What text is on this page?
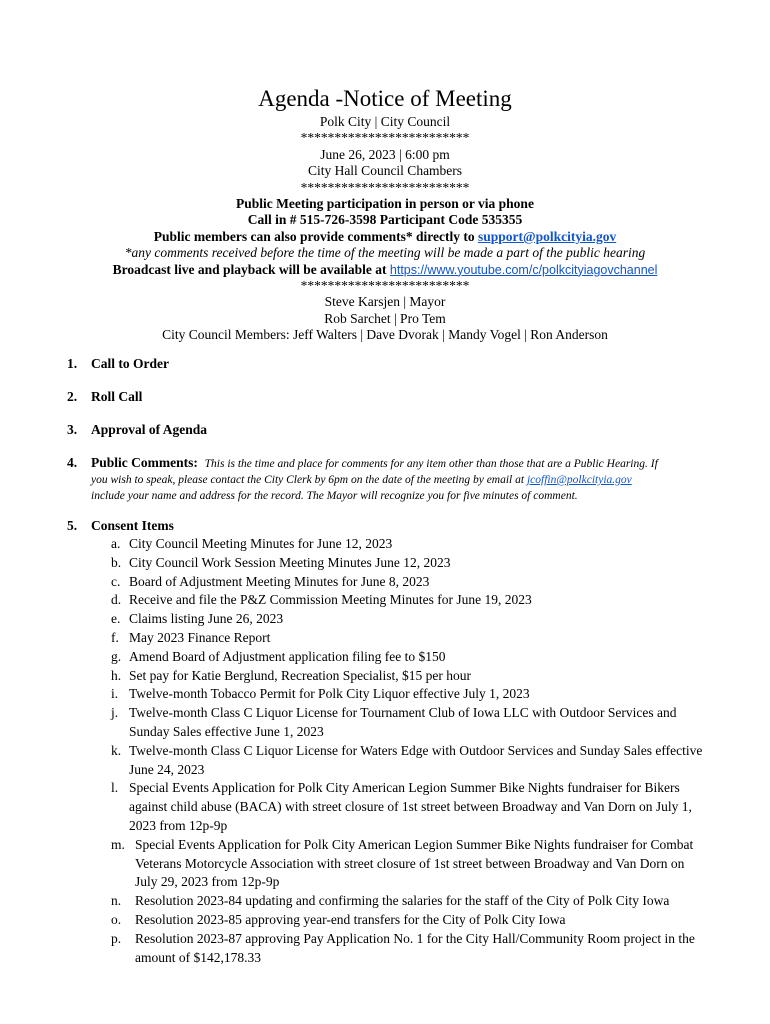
Agenda -Notice of Meeting
Polk City | City Council
*************************
June 26, 2023 | 6:00 pm
City Hall Council Chambers
*************************
Public Meeting participation in person or via phone
Call in # 515-726-3598 Participant Code 535355
Public members can also provide comments* directly to support@polkcityia.gov
*any comments received before the time of the meeting will be made a part of the public hearing
Broadcast live and playback will be available at https://www.youtube.com/c/polkcityiagovchannel
*************************
Steve Karsjen | Mayor
Rob Sarchet | Pro Tem
City Council Members: Jeff Walters | Dave Dvorak | Mandy Vogel | Ron Anderson
1. Call to Order
2. Roll Call
3. Approval of Agenda
4. Public Comments: This is the time and place for comments for any item other than those that are a Public Hearing. If
you wish to speak, please contact the City Clerk by 6pm on the date of the meeting by email at jcoffin@polkcityia.gov
include your name and address for the record. The Mayor will recognize you for five minutes of comment.
5. Consent Items
a. City Council Meeting Minutes for June 12, 2023
b. City Council Work Session Meeting Minutes June 12, 2023
c. Board of Adjustment Meeting Minutes for June 8, 2023
d. Receive and file the P&Z Commission Meeting Minutes for June 19, 2023
e. Claims listing June 26, 2023
f. May 2023 Finance Report
g. Amend Board of Adjustment application filing fee to $150
h. Set pay for Katie Berglund, Recreation Specialist, $15 per hour
i. Twelve-month Tobacco Permit for Polk City Liquor effective July 1, 2023
j. Twelve-month Class C Liquor License for Tournament Club of Iowa LLC with Outdoor Services and
Sunday Sales effective June 1, 2023
k. Twelve-month Class C Liquor License for Waters Edge with Outdoor Services and Sunday Sales effective
June 24, 2023
l. Special Events Application for Polk City American Legion Summer Bike Nights fundraiser for Bikers
against child abuse (BACA) with street closure of 1st street between Broadway and Van Dorn on July 1,
2023 from 12p-9p
m. Special Events Application for Polk City American Legion Summer Bike Nights fundraiser for Combat
Veterans Motorcycle Association with street closure of 1st street between Broadway and Van Dorn on
July 29, 2023 from 12p-9p
n. Resolution 2023-84 updating and confirming the salaries for the staff of the City of Polk City Iowa
o. Resolution 2023-85 approving year-end transfers for the City of Polk City Iowa
p. Resolution 2023-87 approving Pay Application No. 1 for the City Hall/Community Room project in the
amount of $142,178.33
